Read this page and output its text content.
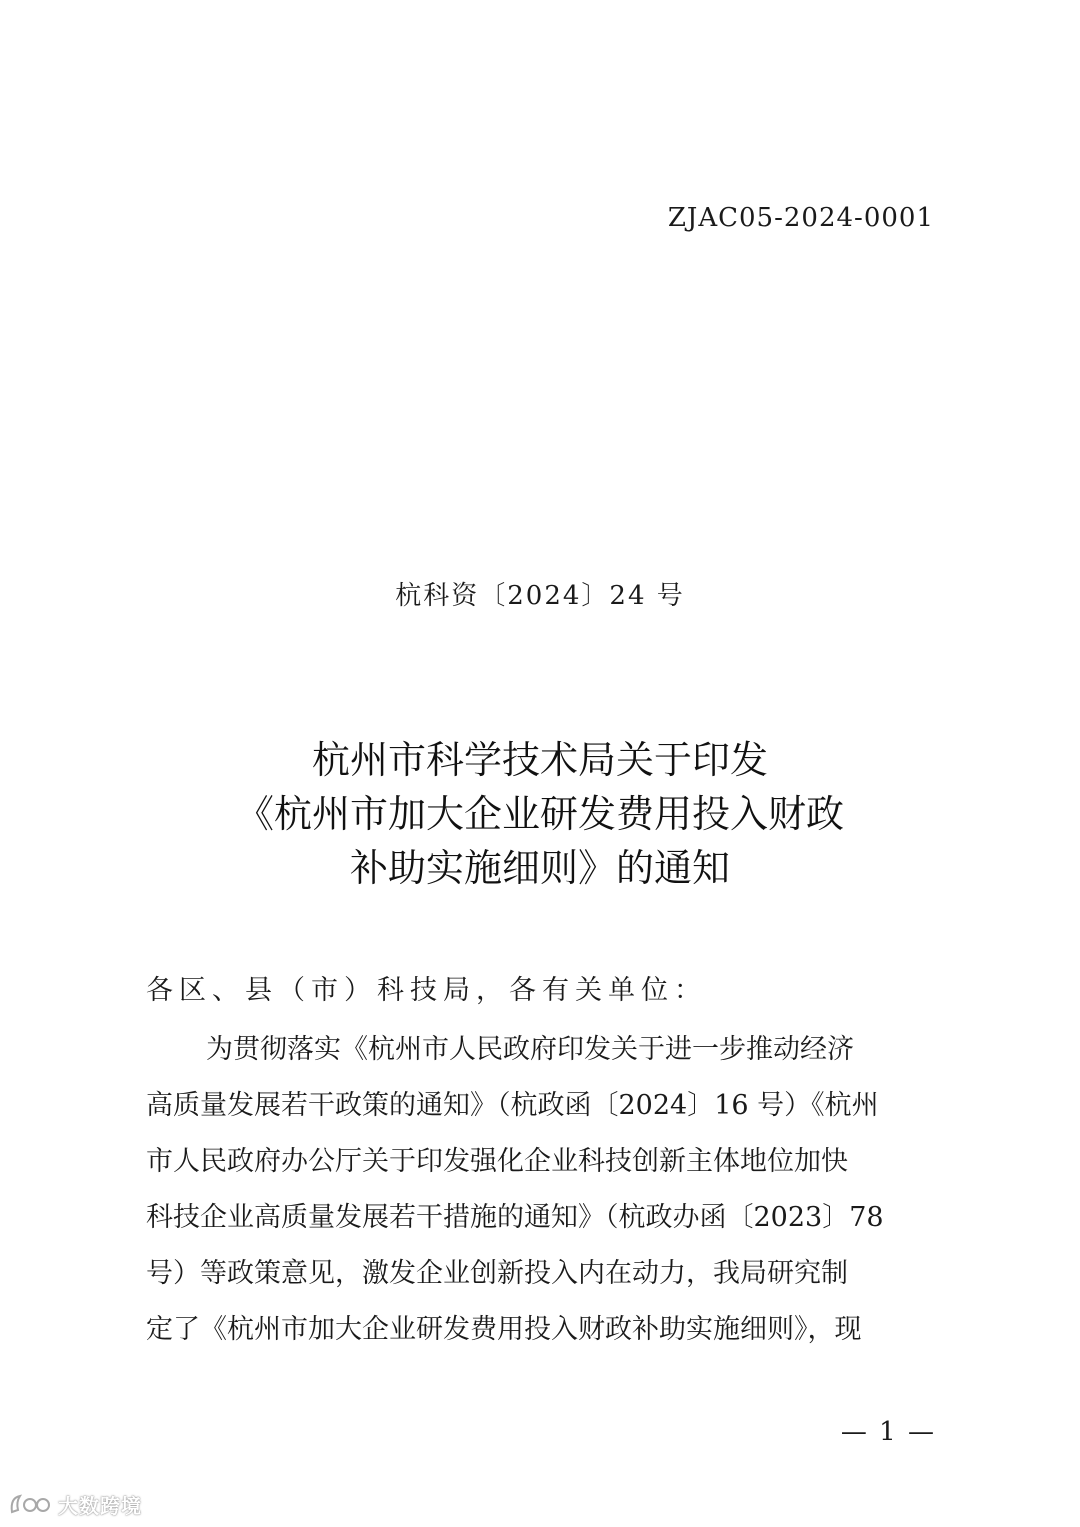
ZJAC05-2024-0001
杭科资〔2024〕24 号
杭州市科学技术局关于印发
《杭州市加大企业研发费用投入财政
补助实施细则》的通知
各区、县（市）科技局，各有关单位：
为贯彻落实《杭州市人民政府印发关于进一步推动经济
高质量发展若干政策的通知》（杭政函〔2024〕16 号）《杭州
市人民政府办公厅关于印发强化企业科技创新主体地位加快
科技企业高质量发展若干措施的通知》（杭政办函〔2023〕78
号）等政策意见，激发企业创新投入内在动力，我局研究制
定了《杭州市加大企业研发费用投入财政补助实施细则》，现
— 1 —
大数跨境
